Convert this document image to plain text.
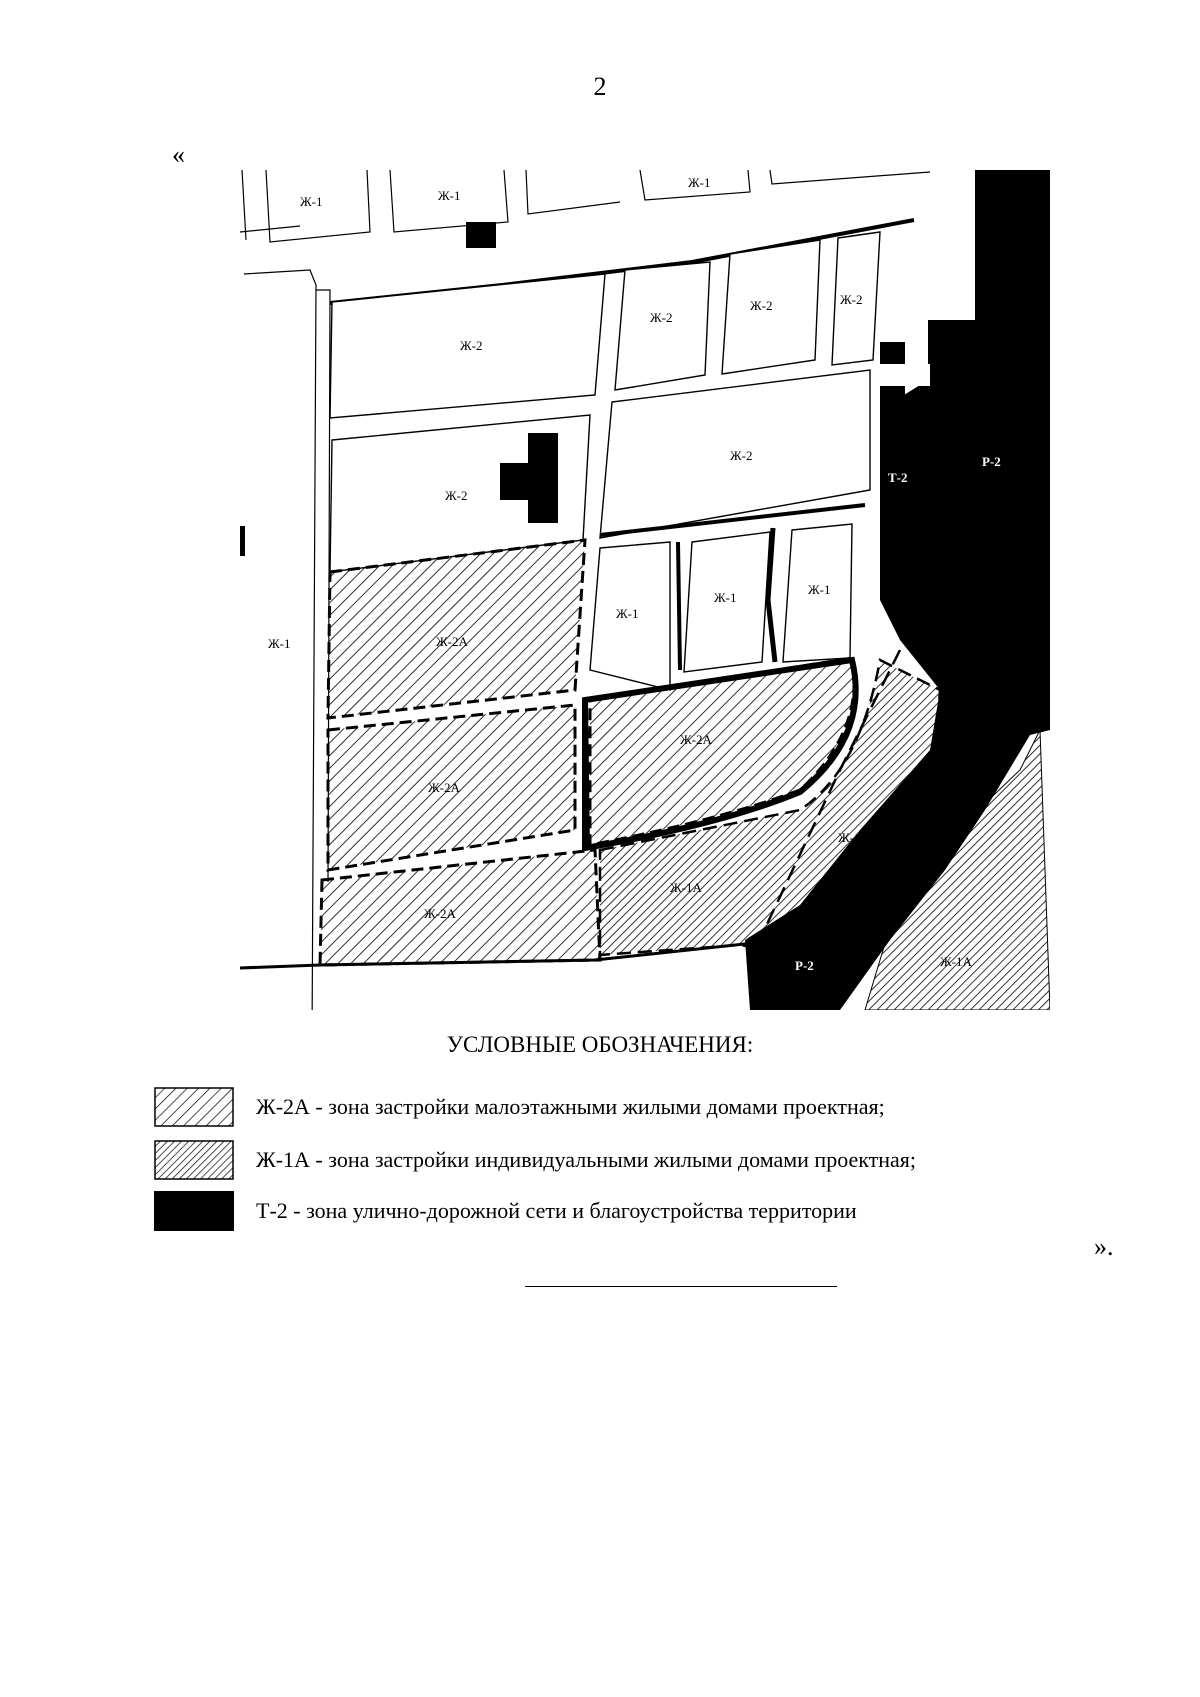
2
«
Ж-1	Ж-1
Ж-1
Ж-2
Ж-2
Ж-2	Ж-2
Ж-2
Ж-2
Ж-1
Ж-1
Ж-1
Ж-1	Ж-2А
Ж-2А
Ж-2А
Ж-2А
Ж-1А
Ж-1А
Ж-1А
Т-2
Р-2
Р-2
УСЛОВНЫЕ ОБОЗНАЧЕНИЯ:
Ж-2А - зона застройки малоэтажными жилыми домами проектная;
Ж-1А - зона застройки индивидуальными жилыми домами проектная;
Т-2 - зона улично-дорожной сети и благоустройства территории
».
